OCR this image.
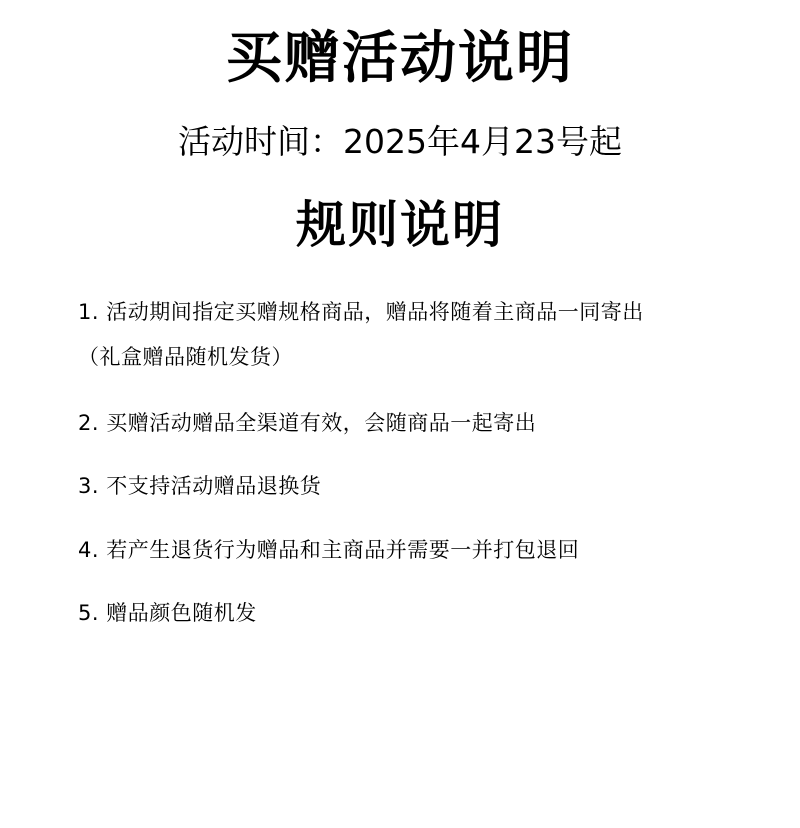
买赠活动说明
活动时间：2025年4月23号起
规则说明
1. 活动期间指定买赠规格商品，赠品将随着主商品一同寄出
（礼盒赠品随机发货）
2. 买赠活动赠品全渠道有效，会随商品一起寄出
3. 不支持活动赠品退换货
4. 若产生退货行为赠品和主商品并需要一并打包退回
5. 赠品颜色随机发
